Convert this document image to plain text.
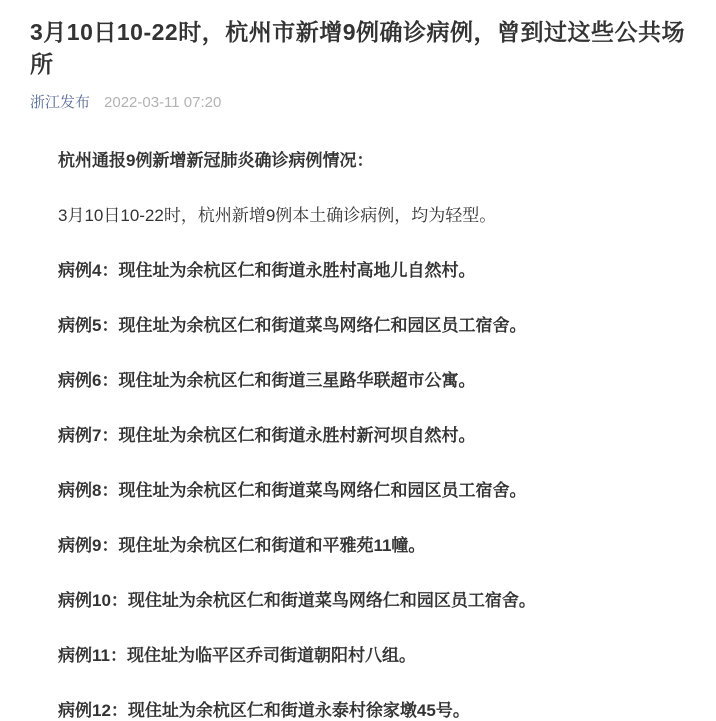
3月10日10-22时，杭州市新增9例确诊病例，曾到过这些公共场所
浙江发布 2022-03-11 07:20

杭州通报9例新增新冠肺炎确诊病例情况：

3月10日10-22时，杭州新增9例本土确诊病例，均为轻型。

病例4：现住址为余杭区仁和街道永胜村高地儿自然村。

病例5：现住址为余杭区仁和街道菜鸟网络仁和园区员工宿舍。

病例6：现住址为余杭区仁和街道三星路华联超市公寓。

病例7：现住址为余杭区仁和街道永胜村新河坝自然村。

病例8：现住址为余杭区仁和街道菜鸟网络仁和园区员工宿舍。

病例9：现住址为余杭区仁和街道和平雅苑11幢。

病例10：现住址为余杭区仁和街道菜鸟网络仁和园区员工宿舍。

病例11：现住址为临平区乔司街道朝阳村八组。

病例12：现住址为余杭区仁和街道永泰村徐家墩45号。
